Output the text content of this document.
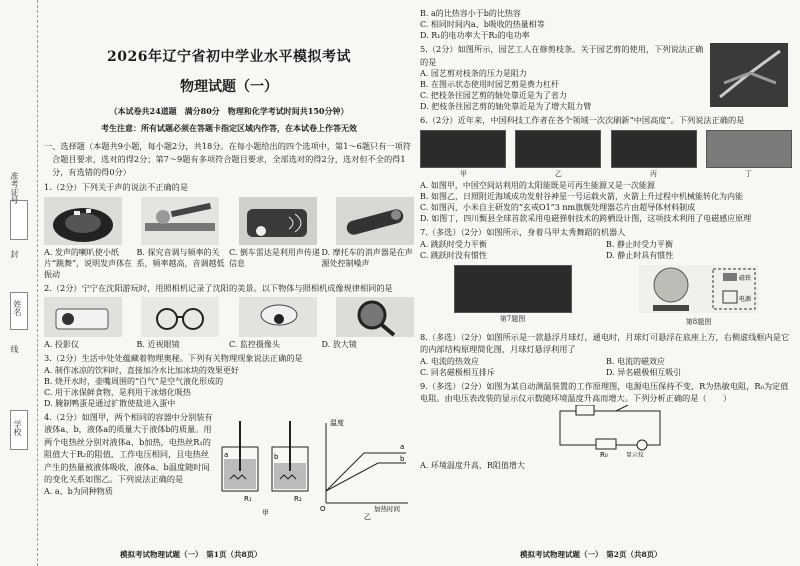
准考证号
封
姓名
线
学校
2026年辽宁省初中学业水平模拟考试
物理试题（一）
（本试卷共24道题　满分80分　物理和化学考试时间共150分钟）
考生注意：所有试题必须在答题卡指定区域内作答，在本试卷上作答无效
一、选择题（本题共9小题，每小题2分，共18分。在每小题给出的四个选项中，第1～6题只有一项符合题目要求，选对的得2分；第7～9题有多项符合题目要求，全部选对的得2分，选对但不全的得1分，有选错的得0分）
1.（2分）下列关于声的说法不正确的是
A. 发声的喇叭使小纸片“跳舞”，说明发声体在振动
B. 探究音调与频率的关系，频率越高，音调越低
C. 倒车雷达是利用声传递信息
D. 摩托车的消声器是在声源处控制噪声
2.（2分）宁宁在沈阳游玩时，用照相机记录了沈阳的美景。以下物体与照相机成像规律相同的是
A. 投影仪	B. 近视眼镜	C. 监控摄像头	D. 放大镜
3.（2分）生活中处处蕴藏着物理奥秘。下列有关物理现象说法正确的是
A. 制作冰凉的饮料时，直接加冷水比加冰块的效果更好
B. 烧开水时，壶嘴周围的“白气”是空气液化形成的
C. 用干冰保鲜食物，是利用干冰熔化吸热
D. 腌制鸭蛋是通过扩散使盐进入蛋中
4.（2分）如图甲，两个相同的容器中分别装有液体a、b，液体a的质量大于液体b的质量。用两个电热丝分别对液体a、b加热，电热丝R₁的阻值大于R₂的阻值，工作电压相同，且电热丝产生的热量被液体吸收，液体a、b温度随时间的变化关系如图乙。下列说法正确的是
A. a、b为同种物质
a
R₁
b
R₂
甲
温度
加热时间
O
a
b
乙
模拟考试物理试题（一）　第1页（共8页）
B. a的比热容小于b的比热容
C. 相同时间内a、b吸收的热量相等
D. R₁的电功率大于R₂的电功率
5.（2分）如图所示，园艺工人在修剪枝条。关于园艺剪的使用，下列说法正确的是
A. 园艺剪对枝条的压力是阻力
B. 在图示状态使用时园艺剪是费力杠杆
C. 把枝条往园艺剪的轴处靠近是为了省力
D. 把枝条往园艺剪的轴处靠近是为了增大阻力臂
6.（2分）近年来，中国科技工作者在各个领域一次次刷新“中国高度”。下列说法正确的是
甲	乙	丙	丁
A. 如图甲，中国空间站利用的太阳能既是可再生能源又是一次能源
B. 如图乙，日照附近海域成功发射谷神星一号运载火箭，火箭上升过程中机械能转化为内能
C. 如图丙，小米自主研发的“玄戒O1”3 nm旗舰处理器芯片由超导体材料制成
D. 如图丁，四川甄县全球首款采用电磁弹射技术的跨栖设计图，这项技术利用了电磁感应原理
7.（多选）（2分）如图所示，身着马甲太秀舞蹈的机器人
A. 跳跃时受力平衡	B. 静止时受力平衡
C. 跳跃时没有惯性	D. 静止时具有惯性
第7题图
磁铁
电源
第8题图
8.（多选）（2分）如图所示是一款悬浮月球灯，通电时，月球灯可悬浮在底座上方，右侧虚线框内是它的内部结构原理简化图，月球灯悬浮利用了
A. 电流的热效应	B. 电流的磁效应
C. 同名磁极相互排斥	D. 异名磁极相互吸引
9.（多选）（2分）如图为某自动测温装置的工作原理图，电源电压保持不变，R为热敏电阻，R₀为定值电阻。由电压表改装的显示仪示数随环境温度升高而增大。下列分析正确的是（　　）
R₀	显示仪
A. 环境温度升高，R阻值增大
模拟考试物理试题（一）　第2页（共8页）
